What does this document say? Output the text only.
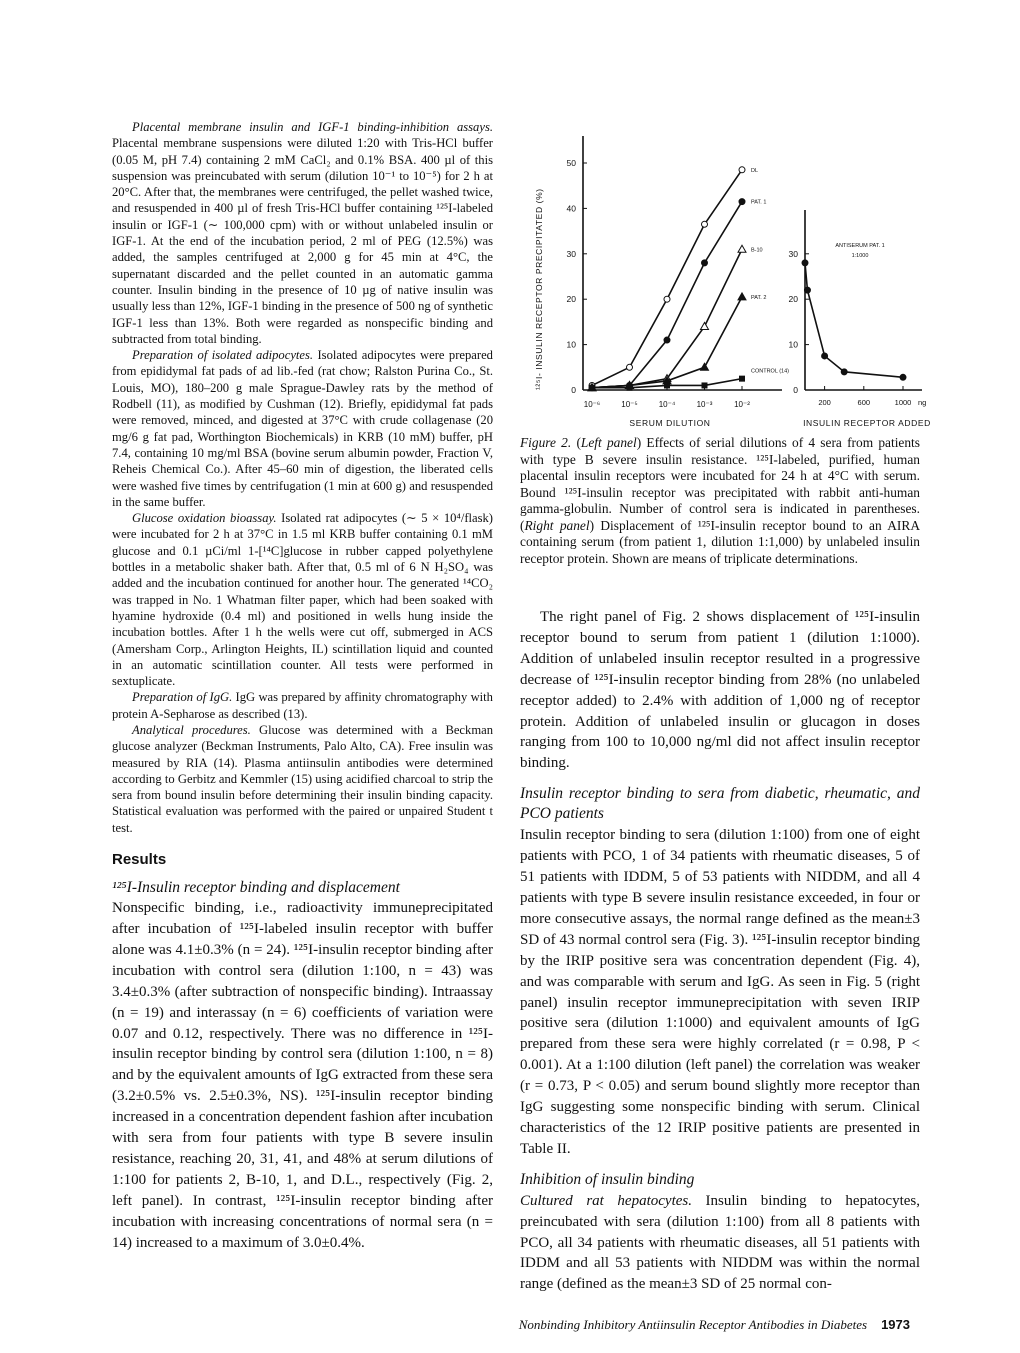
Placental membrane insulin and IGF-1 binding-inhibition assays. Placental membrane suspensions were diluted 1:20 with Tris-HCl buffer (0.05 M, pH 7.4) containing 2 mM CaCl₂ and 0.1% BSA. 400 µl of this suspension was preincubated with serum (dilution 10⁻¹ to 10⁻⁵) for 2 h at 20°C. After that, the membranes were centrifuged, the pellet washed twice, and resuspended in 400 µl of fresh Tris-HCl buffer containing ¹²⁵I-labeled insulin or IGF-1 (∼ 100,000 cpm) with or without unlabeled insulin or IGF-1. At the end of the incubation period, 2 ml of PEG (12.5%) was added, the samples centrifuged at 2,000 g for 45 min at 4°C, the supernatant discarded and the pellet counted in an automatic gamma counter. Insulin binding in the presence of 10 µg of native insulin was usually less than 12%, IGF-1 binding in the presence of 500 ng of synthetic IGF-1 less than 13%. Both were regarded as nonspecific binding and subtracted from total binding.

Preparation of isolated adipocytes. Isolated adipocytes were prepared from epididymal fat pads of ad lib.-fed (rat chow; Ralston Purina Co., St. Louis, MO), 180–200 g male Sprague-Dawley rats by the method of Rodbell (11), as modified by Cushman (12). Briefly, epididymal fat pads were removed, minced, and digested at 37°C with crude collagenase (20 mg/6 g fat pad, Worthington Biochemicals) in KRB (10 mM) buffer, pH 7.4, containing 10 mg/ml BSA (bovine serum albumin powder, Fraction V, Reheis Chemical Co.). After 45–60 min of digestion, the liberated cells were washed five times by centrifugation (1 min at 600 g) and resuspended in the same buffer.

Glucose oxidation bioassay. Isolated rat adipocytes (∼ 5 × 10⁴/flask) were incubated for 2 h at 37°C in 1.5 ml KRB buffer containing 0.1 mM glucose and 0.1 µCi/ml 1-[¹⁴C]glucose in rubber capped polyethylene bottles in a metabolic shaker bath. After that, 0.5 ml of 6 N H₂SO₄ was added and the incubation continued for another hour. The generated ¹⁴CO₂ was trapped in No. 1 Whatman filter paper, which had been soaked with hyamine hydroxide (0.4 ml) and positioned in wells hung inside the incubation bottles. After 1 h the wells were cut off, submerged in ACS (Amersham Corp., Arlington Heights, IL) scintillation liquid and counted in an automatic scintillation counter. All tests were performed in sextuplicate.

Preparation of IgG. IgG was prepared by affinity chromatography with protein A-Sepharose as described (13).

Analytical procedures. Glucose was determined with a Beckman glucose analyzer (Beckman Instruments, Palo Alto, CA). Free insulin was measured by RIA (14). Plasma antiinsulin antibodies were determined according to Gerbitz and Kemmler (15) using acidified charcoal to strip the sera from bound insulin before determining their insulin binding capacity. Statistical evaluation was performed with the paired or unpaired Student t test.

Results
¹²⁵I-Insulin receptor binding and displacement

Nonspecific binding, i.e., radioactivity immuneprecipitated after incubation of ¹²⁵I-labeled insulin receptor with buffer alone was 4.1±0.3% (n = 24). ¹²⁵I-insulin receptor binding after incubation with control sera (dilution 1:100, n = 43) was 3.4±0.3% (after subtraction of nonspecific binding). Intraassay (n = 19) and interassay (n = 6) coefficients of variation were 0.07 and 0.12, respectively. There was no difference in ¹²⁵I-insulin receptor binding by control sera (dilution 1:100, n = 8) and by the equivalent amounts of IgG extracted from these sera (3.2±0.5% vs. 2.5±0.3%, NS). ¹²⁵I-insulin receptor binding increased in a concentration dependent fashion after incubation with sera from four patients with type B severe insulin resistance, reaching 20, 31, 41, and 48% at serum dilutions of 1:100 for patients 2, B-10, 1, and D.L., respectively (Fig. 2, left panel). In contrast, ¹²⁵I-insulin receptor binding after incubation with increasing concentrations of normal sera (n = 14) increased to a maximum of 3.0±0.4%.

¹²⁵I- INSULIN RECEPTOR PRECIPITATED (%)
SERUM DILUTION	INSULIN RECEPTOR ADDED
ANTISERUM PAT. 1
1:1000
ng
0
10
20
30
40
50
10⁻⁶	10⁻⁵	10⁻⁴	10⁻³	10⁻²
0
10
20
30
200	600	1000
DL
PAT. 1
B-10
PAT. 2
CONTROL (14)

Figure 2. (Left panel) Effects of serial dilutions of 4 sera from patients with type B severe insulin resistance. ¹²⁵I-labeled, purified, human placental insulin receptors were incubated for 24 h at 4°C with serum. Bound ¹²⁵I-insulin receptor was precipitated with rabbit anti-human gamma-globulin. Number of control sera is indicated in parentheses. (Right panel) Displacement of ¹²⁵I-insulin receptor bound to an AIRA containing serum (from patient 1, dilution 1:1,000) by unlabeled insulin receptor protein. Shown are means of triplicate determinations.

The right panel of Fig. 2 shows displacement of ¹²⁵I-insulin receptor bound to serum from patient 1 (dilution 1:1000). Addition of unlabeled insulin receptor resulted in a progressive decrease of ¹²⁵I-insulin receptor binding from 28% (no unlabeled receptor added) to 2.4% with addition of 1,000 ng of receptor protein. Addition of unlabeled insulin or glucagon in doses ranging from 100 to 10,000 ng/ml did not affect insulin receptor binding.

Insulin receptor binding to sera from diabetic, rheumatic, and PCO patients

Insulin receptor binding to sera (dilution 1:100) from one of eight patients with PCO, 1 of 34 patients with rheumatic diseases, 5 of 51 patients with IDDM, 5 of 53 patients with NIDDM, and all 4 patients with type B severe insulin resistance exceeded, in four or more consecutive assays, the normal range defined as the mean±3 SD of 43 normal control sera (Fig. 3). ¹²⁵I-insulin receptor binding by the IRIP positive sera was concentration dependent (Fig. 4), and was comparable with serum and IgG. As seen in Fig. 5 (right panel) insulin receptor immuneprecipitation with seven IRIP positive sera (dilution 1:1000) and equivalent amounts of IgG prepared from these sera were highly correlated (r = 0.98, P < 0.001). At a 1:100 dilution (left panel) the correlation was weaker (r = 0.73, P < 0.05) and serum bound slightly more receptor than IgG suggesting some nonspecific binding with serum. Clinical characteristics of the 12 IRIP positive patients are presented in Table II.

Inhibition of insulin binding

Cultured rat hepatocytes. Insulin binding to hepatocytes, preincubated with sera (dilution 1:100) from all 8 patients with PCO, all 34 patients with rheumatic diseases, all 51 patients with IDDM and all 53 patients with NIDDM was within the normal range (defined as the mean±3 SD of 25 normal con-

Nonbinding Inhibitory Antiinsulin Receptor Antibodies in Diabetes 1973
